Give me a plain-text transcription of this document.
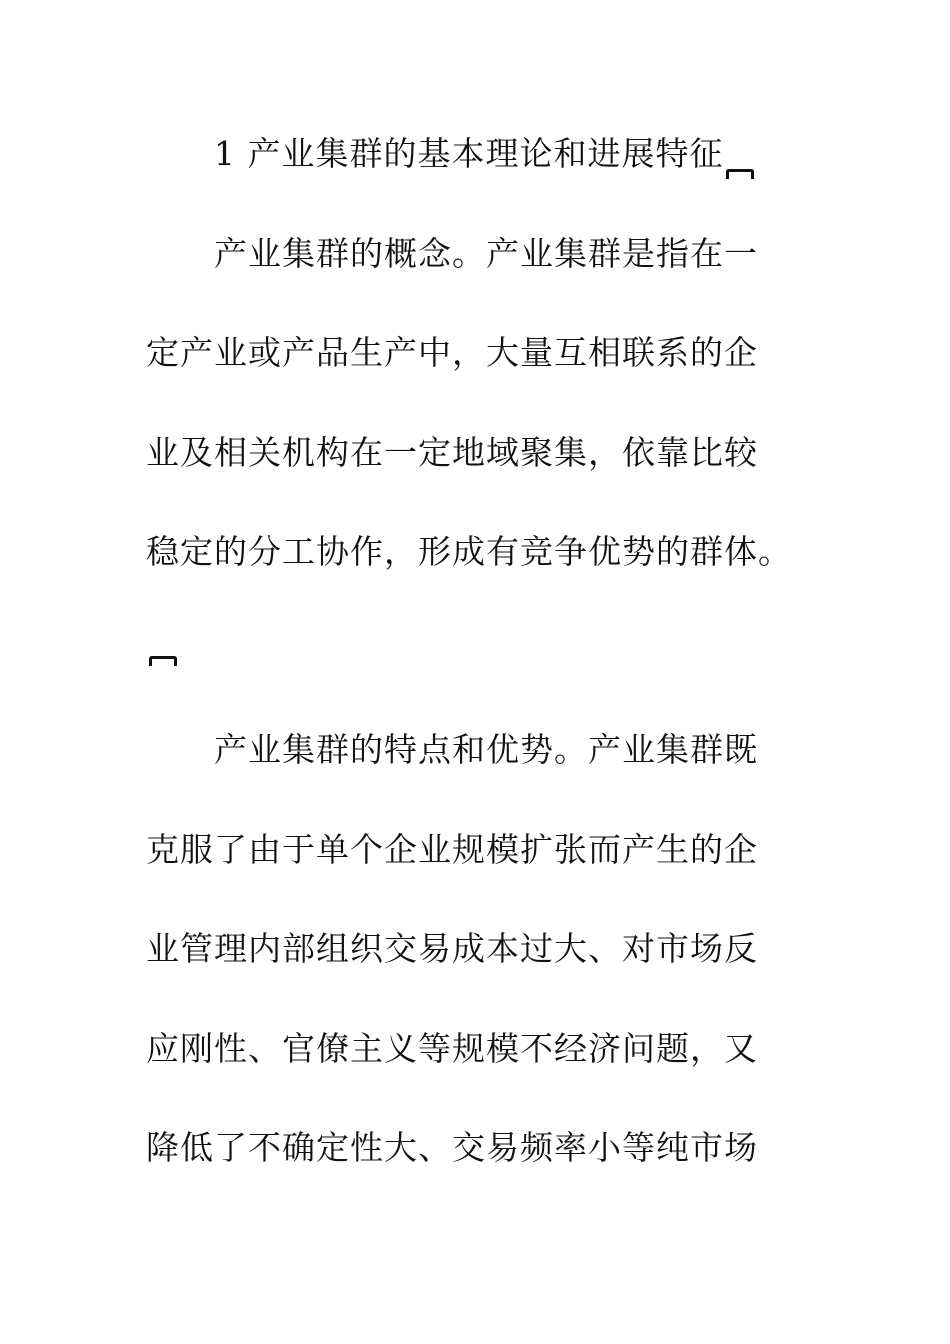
1 产业集群的基本理论和进展特征
产业集群的概念。产业集群是指在一
定产业或产品生产中，大量互相联系的企
业及相关机构在一定地域聚集，依靠比较
稳定的分工协作，形成有竞争优势的群体。
产业集群的特点和优势。产业集群既
克服了由于单个企业规模扩张而产生的企
业管理内部组织交易成本过大、对市场反
应刚性、官僚主义等规模不经济问题，又
降低了不确定性大、交易频率小等纯市场
